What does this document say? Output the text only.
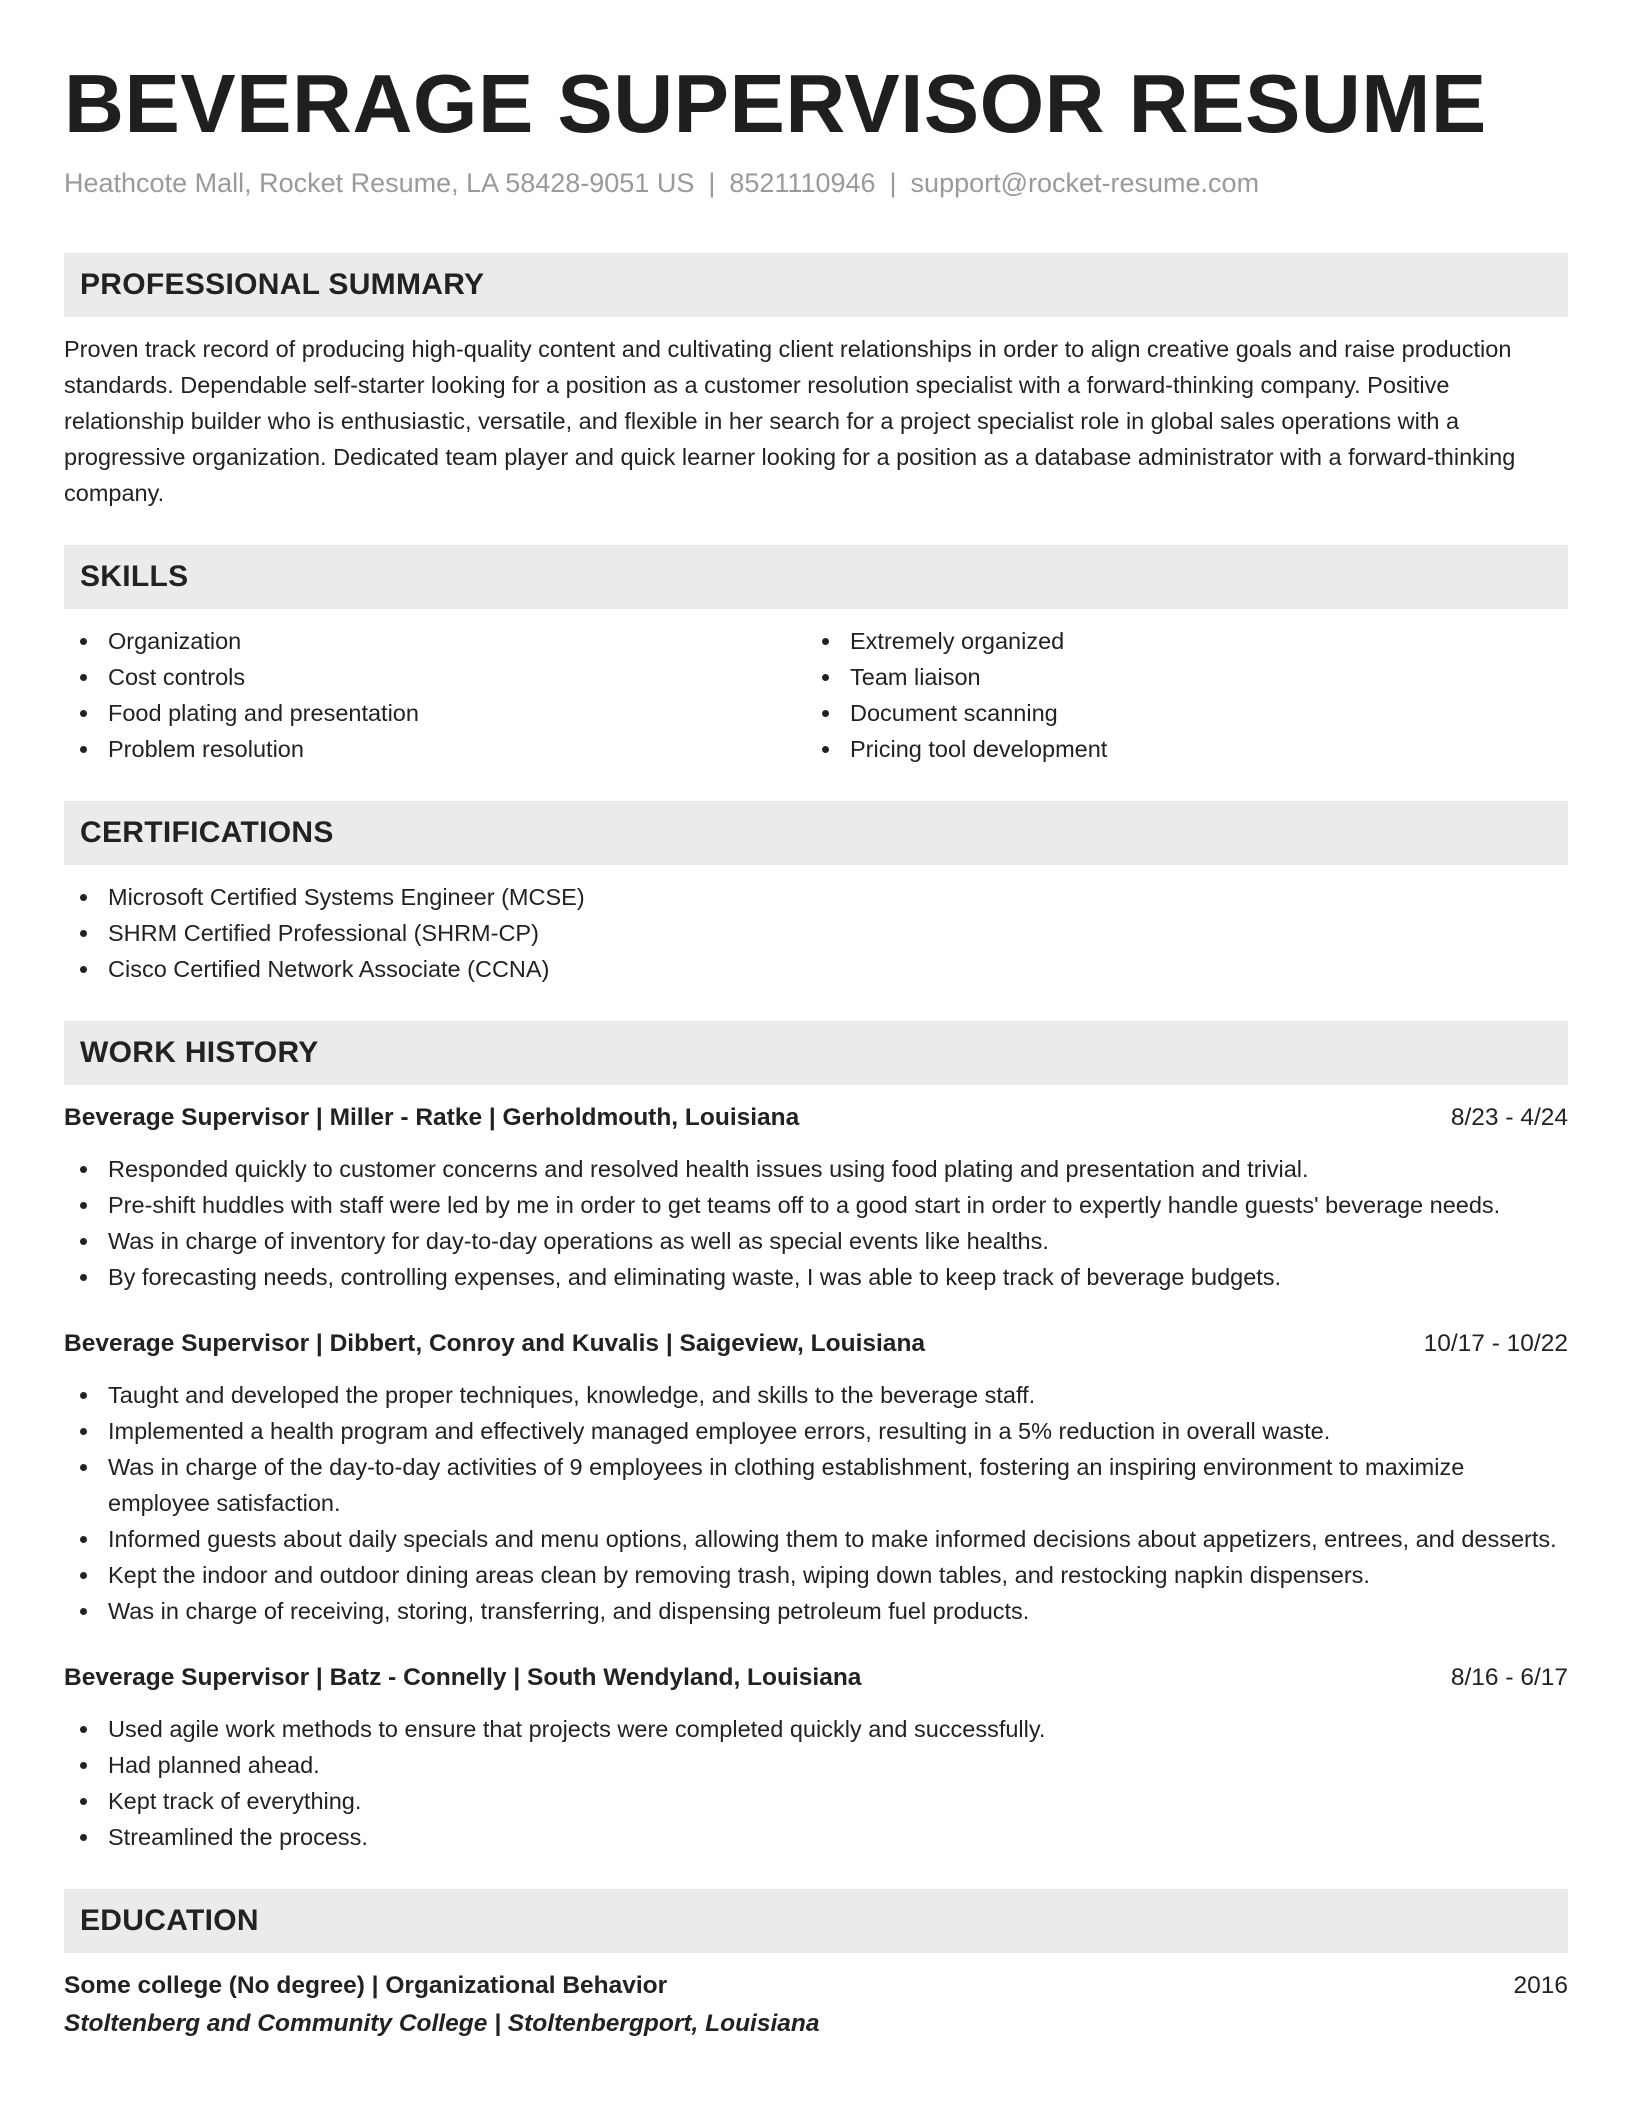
BEVERAGE SUPERVISOR RESUME
Heathcote Mall, Rocket Resume, LA 58428-9051 US | 8521110946 | support@rocket-resume.com
PROFESSIONAL SUMMARY

Proven track record of producing high-quality content and cultivating client relationships in order to align creative goals and raise production standards. Dependable self-starter looking for a position as a customer resolution specialist with a forward-thinking company. Positive relationship builder who is enthusiastic, versatile, and flexible in her search for a project specialist role in global sales operations with a progressive organization. Dedicated team player and quick learner looking for a position as a database administrator with a forward-thinking company.

SKILLS
Organization
Cost controls
Food plating and presentation
Problem resolution
Extremely organized
Team liaison
Document scanning
Pricing tool development
CERTIFICATIONS
Microsoft Certified Systems Engineer (MCSE)
SHRM Certified Professional (SHRM-CP)
Cisco Certified Network Associate (CCNA)
WORK HISTORY
Beverage Supervisor | Miller - Ratke | Gerholdmouth, Louisiana	8/23 - 4/24
Responded quickly to customer concerns and resolved health issues using food plating and presentation and trivial.
Pre-shift huddles with staff were led by me in order to get teams off to a good start in order to expertly handle guests' beverage needs.
Was in charge of inventory for day-to-day operations as well as special events like healths.
By forecasting needs, controlling expenses, and eliminating waste, I was able to keep track of beverage budgets.
Beverage Supervisor | Dibbert, Conroy and Kuvalis | Saigeview, Louisiana	10/17 - 10/22
Taught and developed the proper techniques, knowledge, and skills to the beverage staff.
Implemented a health program and effectively managed employee errors, resulting in a 5% reduction in overall waste.
Was in charge of the day-to-day activities of 9 employees in clothing establishment, fostering an inspiring environment to maximize employee satisfaction.
Informed guests about daily specials and menu options, allowing them to make informed decisions about appetizers, entrees, and desserts.
Kept the indoor and outdoor dining areas clean by removing trash, wiping down tables, and restocking napkin dispensers.
Was in charge of receiving, storing, transferring, and dispensing petroleum fuel products.
Beverage Supervisor | Batz - Connelly | South Wendyland, Louisiana	8/16 - 6/17
Used agile work methods to ensure that projects were completed quickly and successfully.
Had planned ahead.
Kept track of everything.
Streamlined the process.
EDUCATION
Some college (No degree) | Organizational Behavior	2016
Stoltenberg and Community College | Stoltenbergport, Louisiana
